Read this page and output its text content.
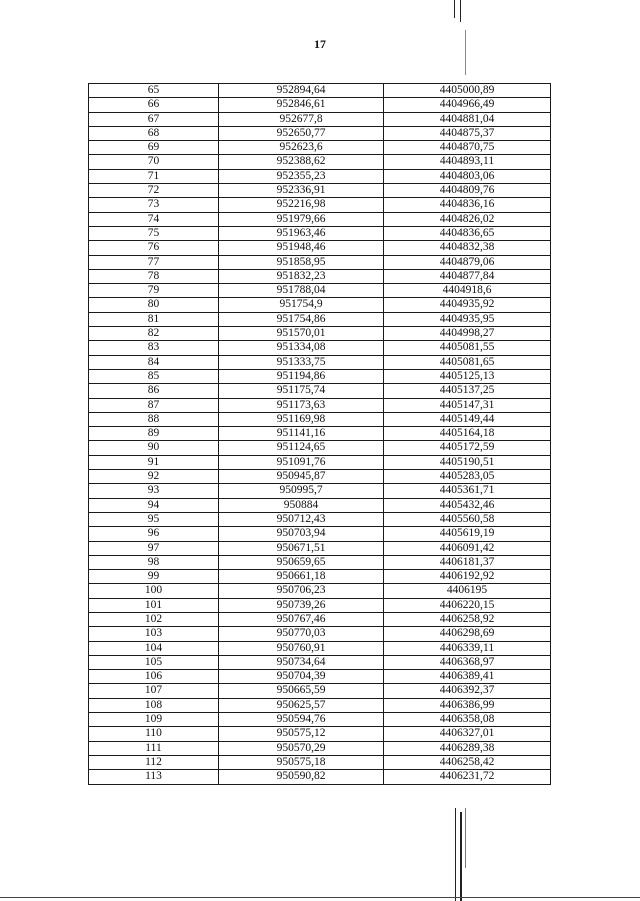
17
65	952894,64	4405000,89
66	952846,61	4404966,49
67	952677,8	4404881,04
68	952650,77	4404875,37
69	952623,6	4404870,75
70	952388,62	4404893,11
71	952355,23	4404803,06
72	952336,91	4404809,76
73	952216,98	4404836,16
74	951979,66	4404826,02
75	951963,46	4404836,65
76	951948,46	4404832,38
77	951858,95	4404879,06
78	951832,23	4404877,84
79	951788,04	4404918,6
80	951754,9	4404935,92
81	951754,86	4404935,95
82	951570,01	4404998,27
83	951334,08	4405081,55
84	951333,75	4405081,65
85	951194,86	4405125,13
86	951175,74	4405137,25
87	951173,63	4405147,31
88	951169,98	4405149,44
89	951141,16	4405164,18
90	951124,65	4405172,59
91	951091,76	4405190,51
92	950945,87	4405283,05
93	950995,7	4405361,71
94	950884	4405432,46
95	950712,43	4405560,58
96	950703,94	4405619,19
97	950671,51	4406091,42
98	950659,65	4406181,37
99	950661,18	4406192,92
100	950706,23	4406195
101	950739,26	4406220,15
102	950767,46	4406258,92
103	950770,03	4406298,69
104	950760,91	4406339,11
105	950734,64	4406368,97
106	950704,39	4406389,41
107	950665,59	4406392,37
108	950625,57	4406386,99
109	950594,76	4406358,08
110	950575,12	4406327,01
111	950570,29	4406289,38
112	950575,18	4406258,42
113	950590,82	4406231,72
